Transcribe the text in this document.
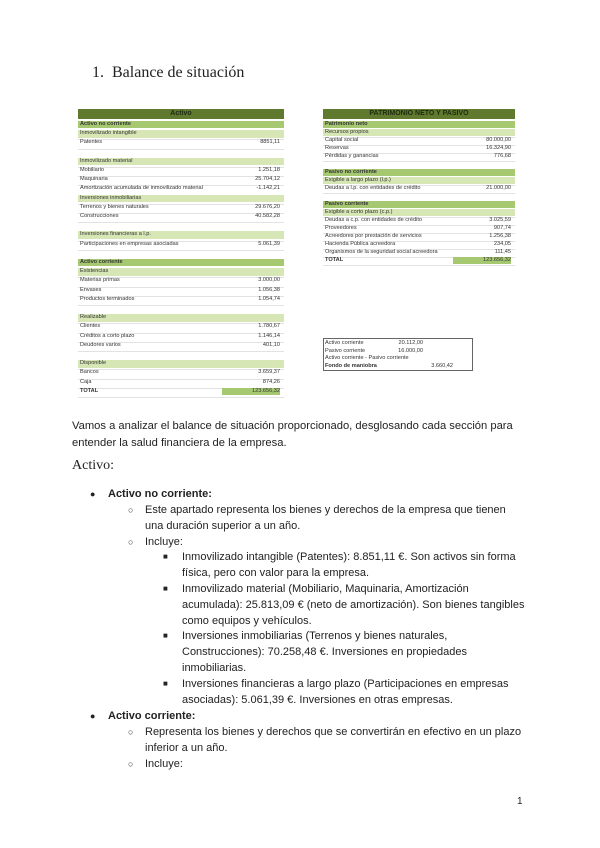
1. Balance de situación
Activo	PATRIMONIO NETO Y PASIVO
Activo no corriente
Inmovilizado intangible
Patentes	8851,11
Inmovilizado material
Mobiliario	1.251,18
Maquinaria	25.704,12
Amortización acumulada de inmovilizado material	-1.142,21
Inversiones inmobiliarias
Terrenos y bienes naturales	29.676,20
Construcciones	40.582,28
Inversiones financieras a l.p.
Participaciones en empresas asociadas	5.061,39
Activo corriente
Existencias
Materias primas	3.000,00
Envases	1.056,38
Productos terminados	1.054,74
Realizable
Clientes	1.780,67
Créditos a corto plazo	1.146,14
Deudores varios	401,10
Disponible
Bancos	3.659,37
Caja	874,26
TOTAL	123.656,32
Patrimonio neto
Recursos propios
Capital social	80.000,00
Reservas	16.324,90
Pérdidas y ganancias	776,68
Pasivo no corriente
Exigible a largo plazo (l.p.)
Deudas a l.p. con entidades de crédito	21.000,00
Pasivo corriente
Exigible a corto plazo (c.p.)
Deudas a c.p. con entidades de crédito	3.025,59
Proveedores	907,74
Acreedores por prestación de servicios	1.256,38
Hacienda Pública acreedora	234,05
Organismos de la seguridad social acreedora	111,45
TOTAL	123.656,32
Activo corriente	20.112,00
Pasivo corriente	16.000,00
Activo corriente - Pasivo corriente
Fondo de maniobra	3.660,42

Vamos a analizar el balance de situación proporcionado, desglosando cada sección para entender la salud financiera de la empresa.

Activo:
● Activo no corriente:
○ Este apartado representa los bienes y derechos de la empresa que tienen
una duración superior a un año.
○ Incluye:
■ Inmovilizado intangible (Patentes): 8.851,11 €. Son activos sin forma
física, pero con valor para la empresa.
■ Inmovilizado material (Mobiliario, Maquinaria, Amortización
acumulada): 25.813,09 € (neto de amortización). Son bienes tangibles
como equipos y vehículos.
■ Inversiones inmobiliarias (Terrenos y bienes naturales,
Construcciones): 70.258,48 €. Inversiones en propiedades
inmobiliarias.
■ Inversiones financieras a largo plazo (Participaciones en empresas
asociadas): 5.061,39 €. Inversiones en otras empresas.
● Activo corriente:
○ Representa los bienes y derechos que se convertirán en efectivo en un plazo
inferior a un año.
○ Incluye:
1
